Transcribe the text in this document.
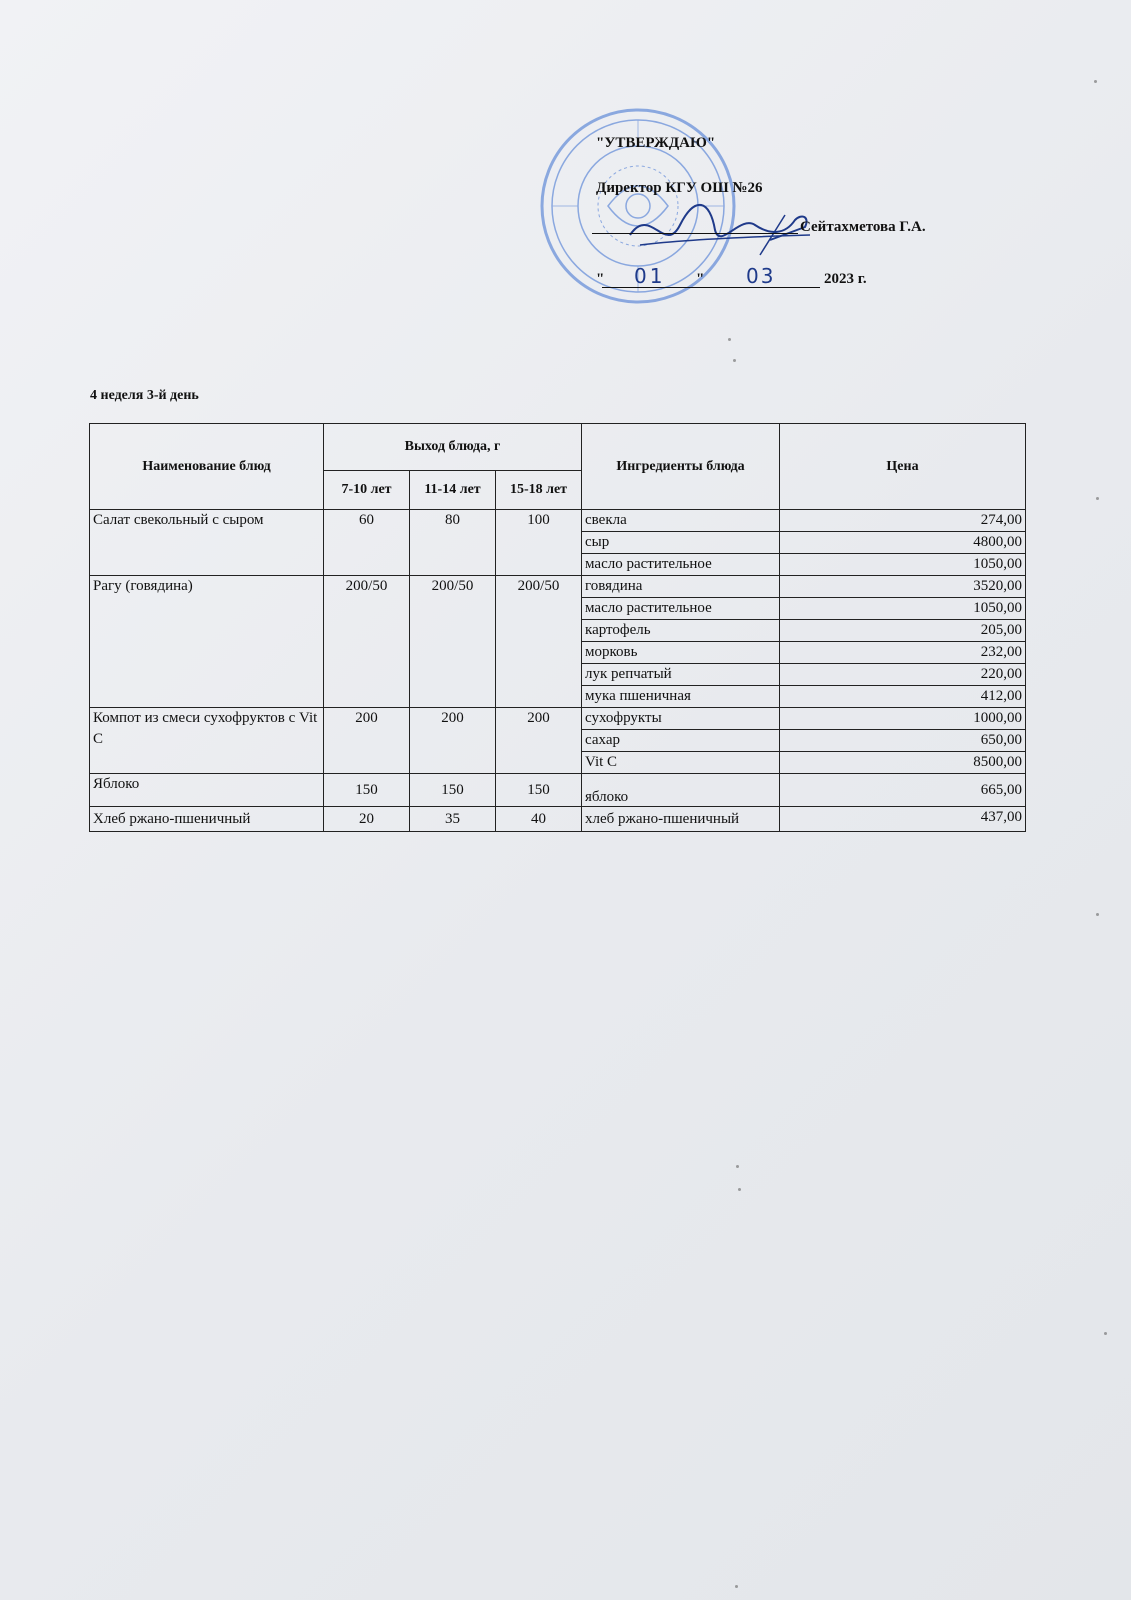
"УТВЕРЖДАЮ"
Директор КГУ ОШ №26
Сейтахметова Г.А.
" 01 " 03	2023 г.
4 неделя 3-й день
Наименование блюд	Выход блюда, г			Ингредиенты блюда	Цена
	7-10 лет	11-14 лет	15-18 лет		
Салат свекольный с сыром	60	80	100	свекла	274,00
				сыр	4800,00
				масло растительное	1050,00
Рагу (говядина)	200/50	200/50	200/50	говядина	3520,00
				масло растительное	1050,00
				картофель	205,00
				морковь	232,00
				лук репчатый	220,00
				мука пшеничная	412,00
Компот из смеси сухофруктов с Vit C	200	200	200	сухофрукты	1000,00
				сахар	650,00
				Vit C	8500,00
Яблоко	150	150	150	яблоко	665,00
Хлеб ржано-пшеничный	20	35	40	хлеб ржано-пшеничный	437,00
